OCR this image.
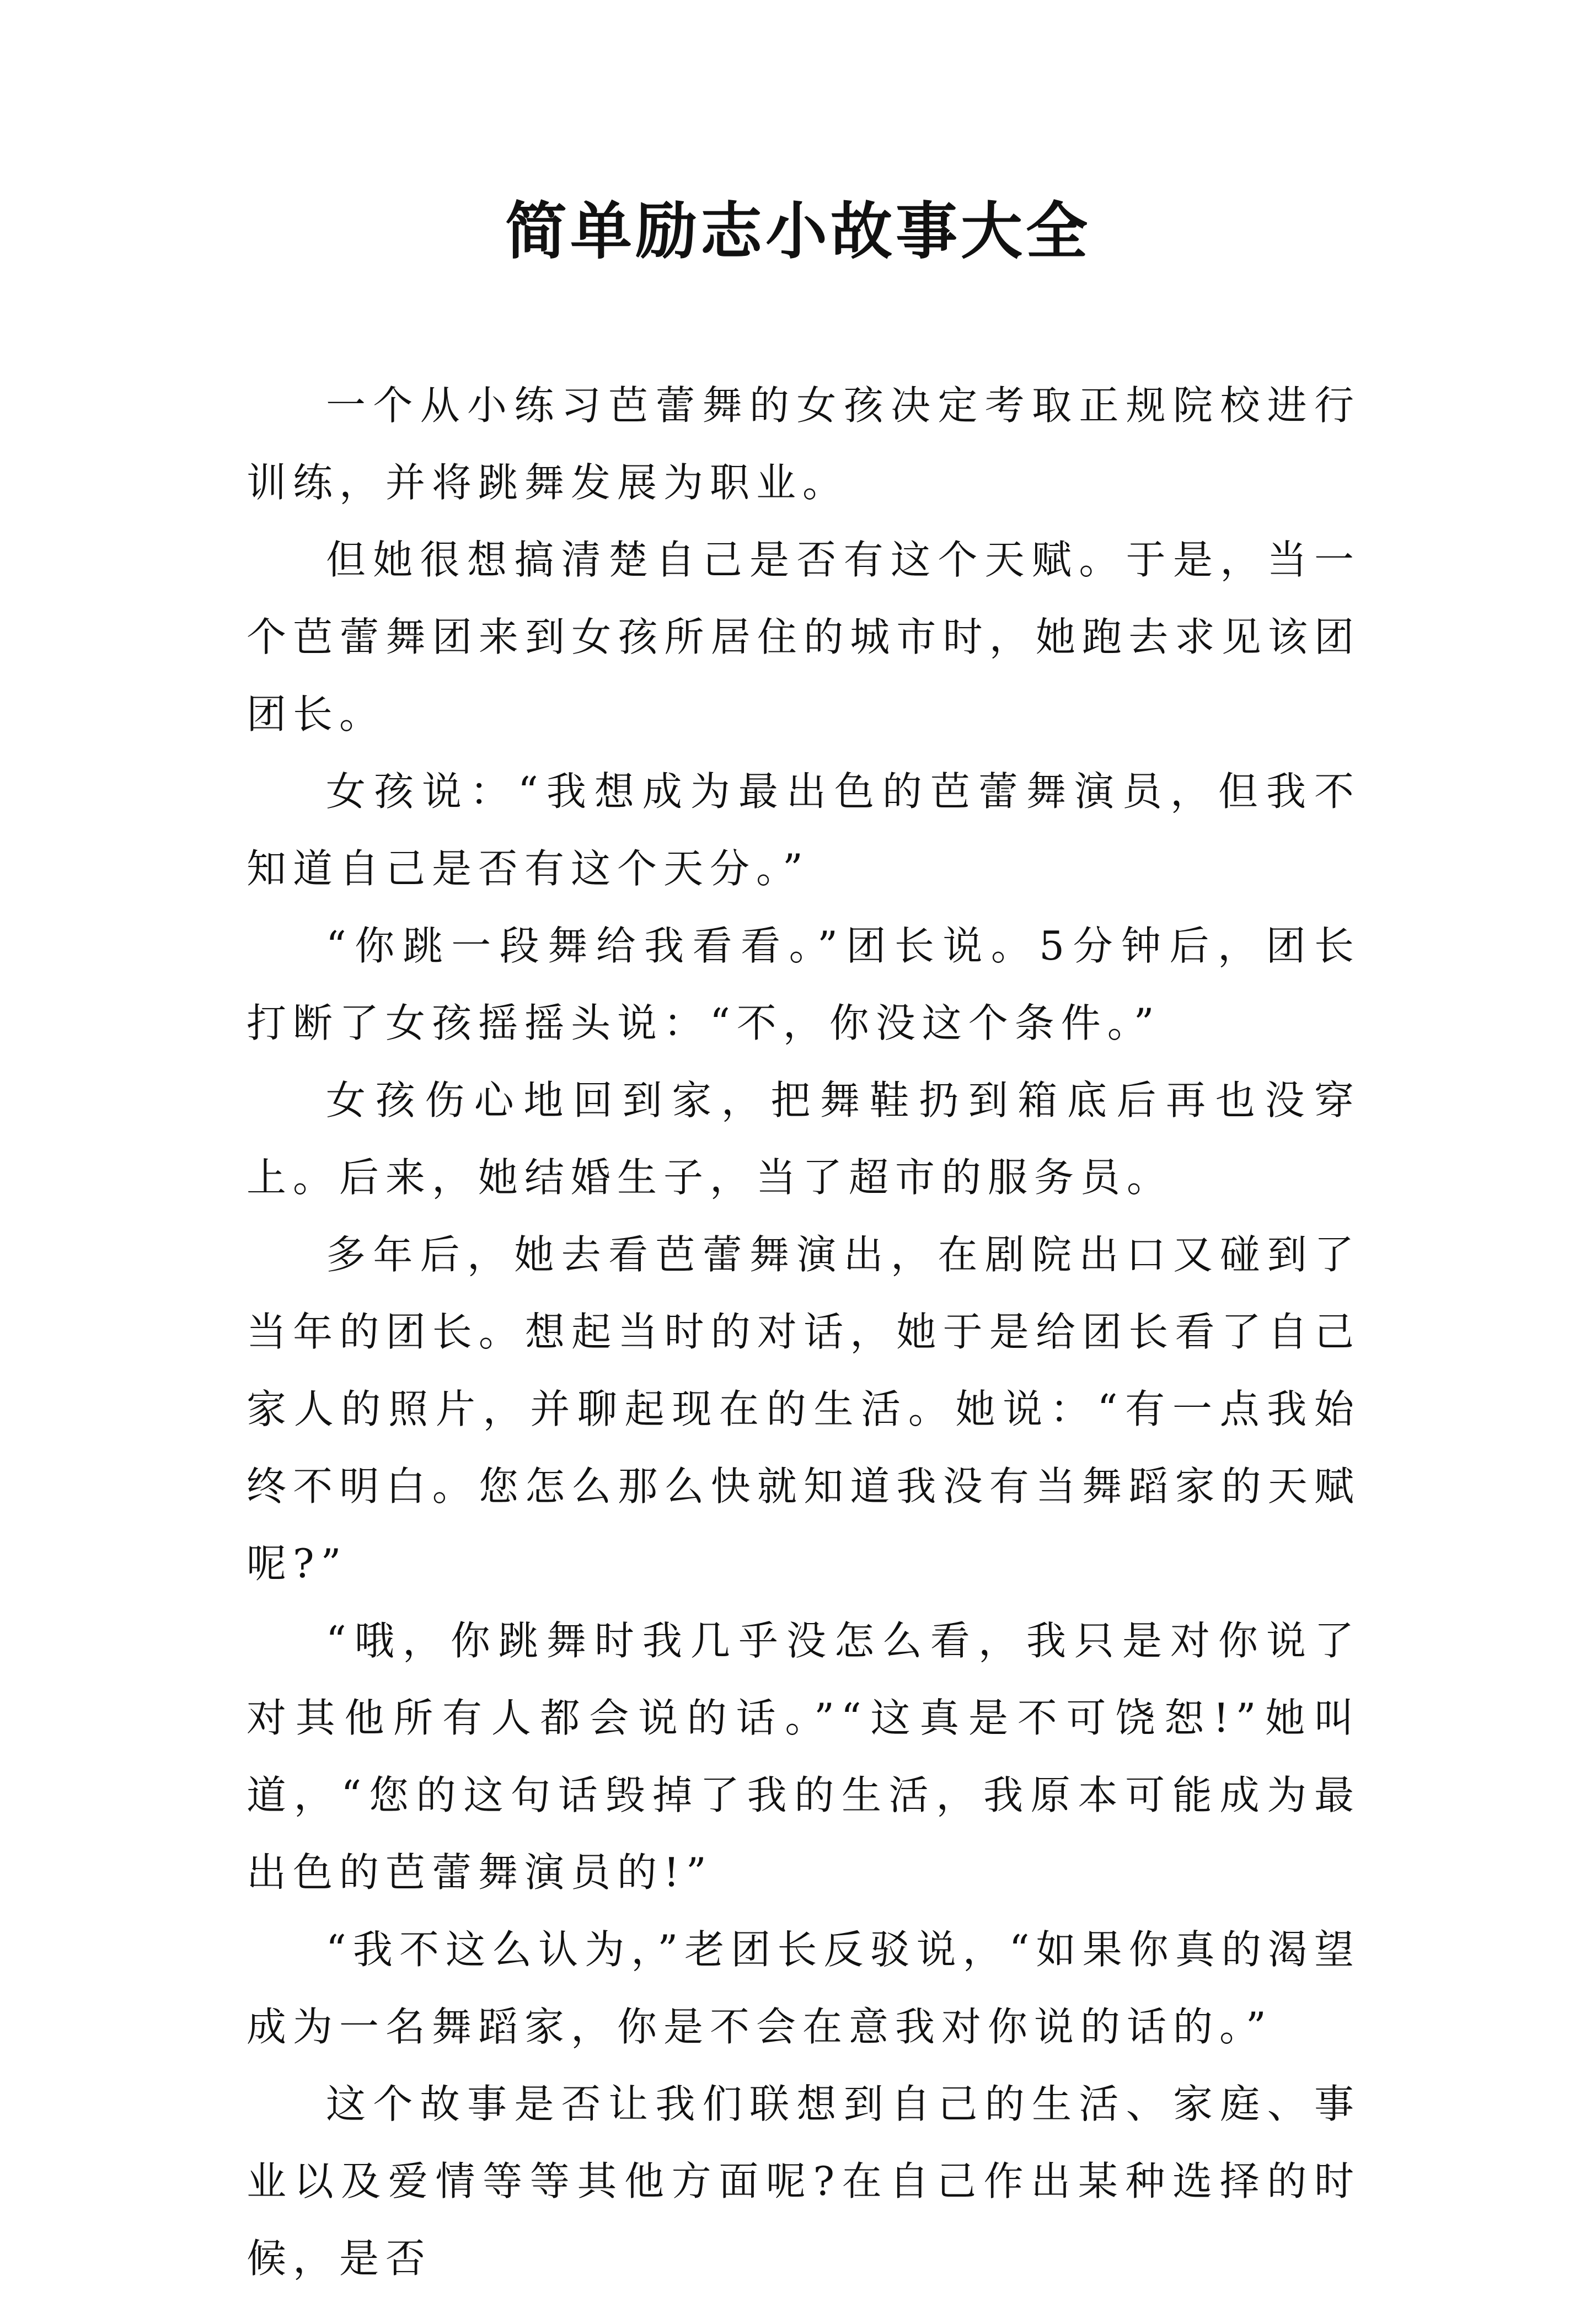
简单励志小故事大全

一个从小练习芭蕾舞的女孩决定考取正规院校进行训练，并将跳舞发展为职业。

但她很想搞清楚自己是否有这个天赋。于是，当一个芭蕾舞团来到女孩所居住的城市时，她跑去求见该团团长。

女孩说：“我想成为最出色的芭蕾舞演员，但我不知道自己是否有这个天分。”

“你跳一段舞给我看看。”团长说。5分钟后，团长打断了女孩摇摇头说：“不，你没这个条件。”

女孩伤心地回到家，把舞鞋扔到箱底后再也没穿上。后来，她结婚生子，当了超市的服务员。

多年后，她去看芭蕾舞演出，在剧院出口又碰到了当年的团长。想起当时的对话，她于是给团长看了自己家人的照片，并聊起现在的生活。她说：“有一点我始终不明白。您怎么那么快就知道我没有当舞蹈家的天赋呢?”

“哦，你跳舞时我几乎没怎么看，我只是对你说了对其他所有人都会说的话。”“这真是不可饶恕!”她叫道，“您的这句话毁掉了我的生活，我原本可能成为最出色的芭蕾舞演员的!”

“我不这么认为，”老团长反驳说，“如果你真的渴望成为一名舞蹈家，你是不会在意我对你说的话的。”

这个故事是否让我们联想到自己的生活、家庭、事业以及爱情等等其他方面呢?在自己作出某种选择的时候，是否
